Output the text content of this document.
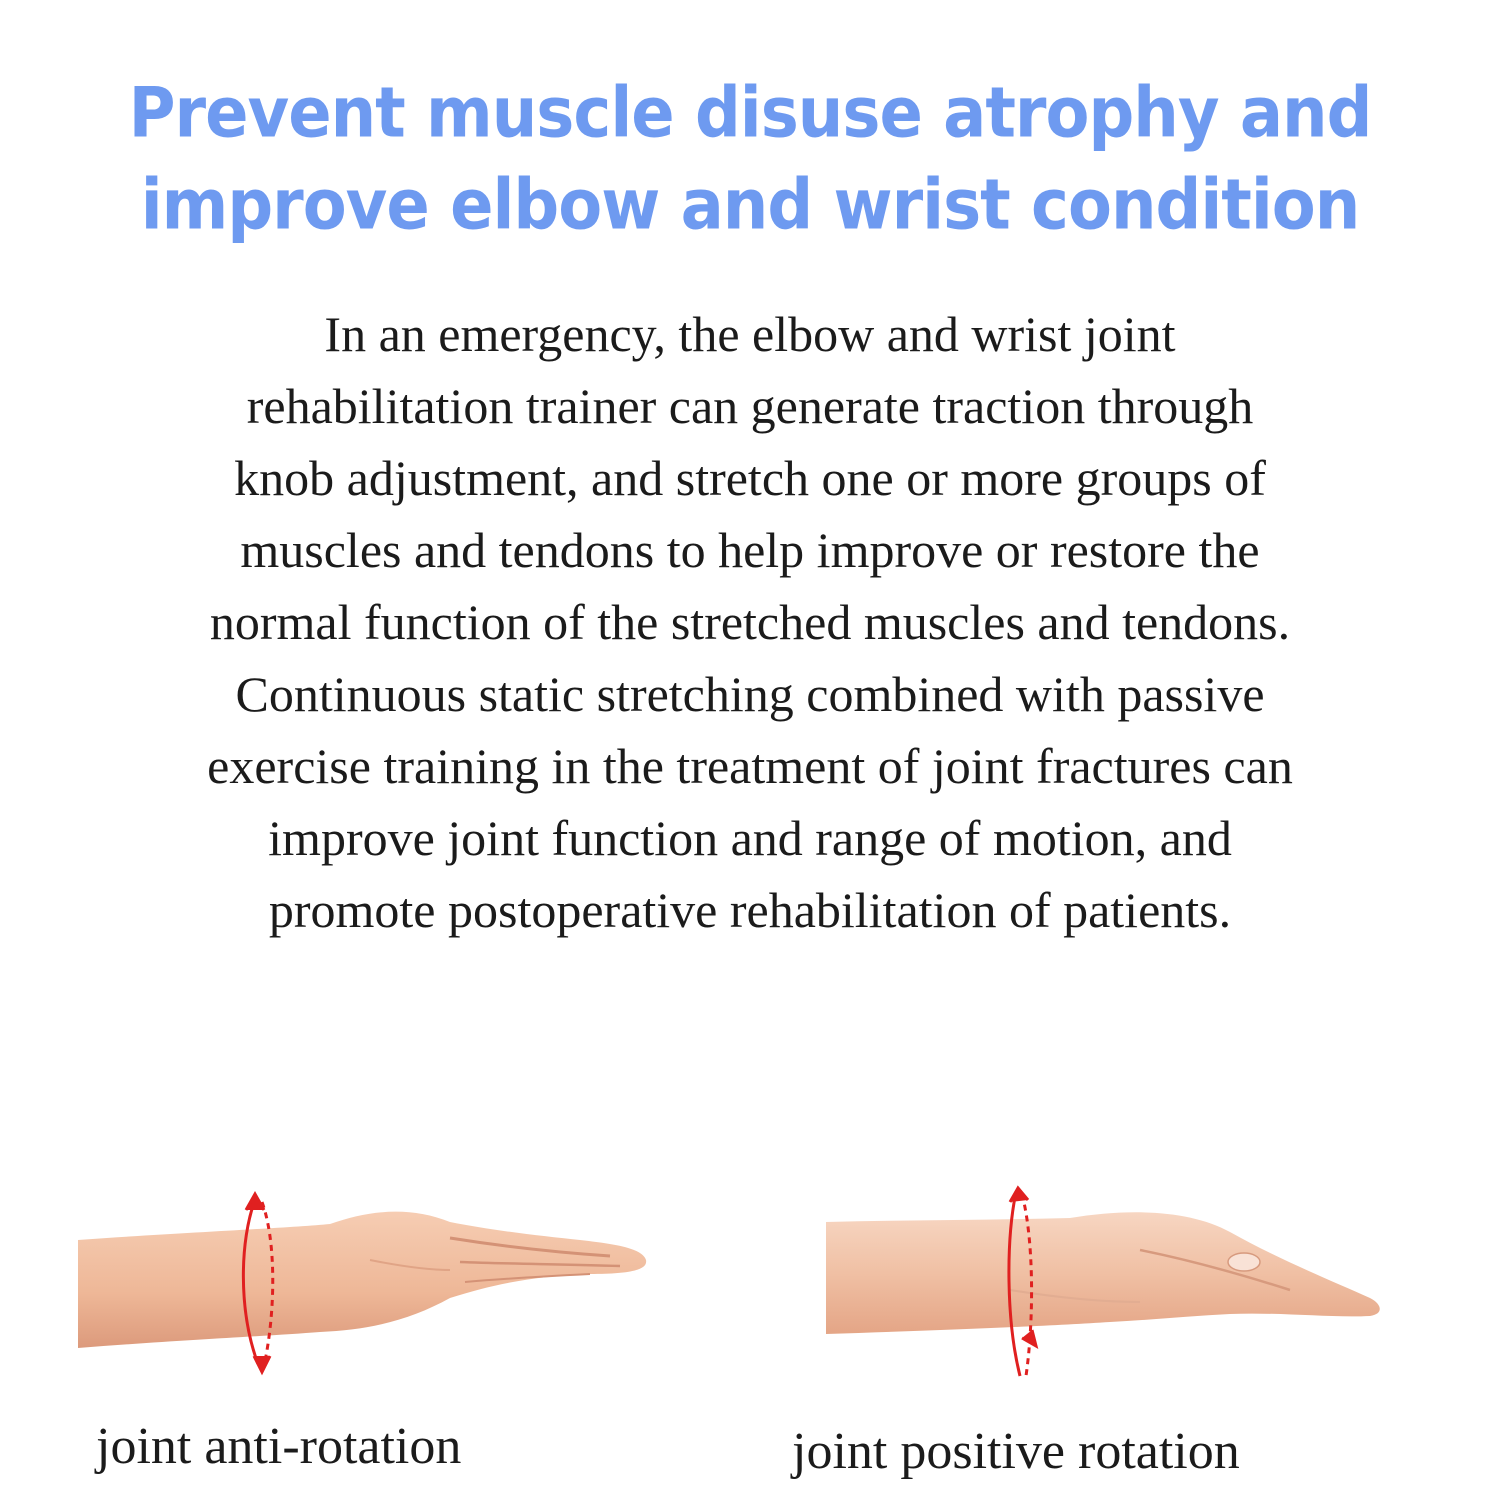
Prevent muscle disuse atrophy and
improve elbow and wrist condition
In an emergency, the elbow and wrist joint
rehabilitation trainer can generate traction through
knob adjustment, and stretch one or more groups of
muscles and tendons to help improve or restore the
normal function of the stretched muscles and tendons.
Continuous static stretching combined with passive
exercise training in the treatment of joint fractures can
improve joint function and range of motion, and
promote postoperative rehabilitation of patients.
joint anti-rotation	joint positive rotation
